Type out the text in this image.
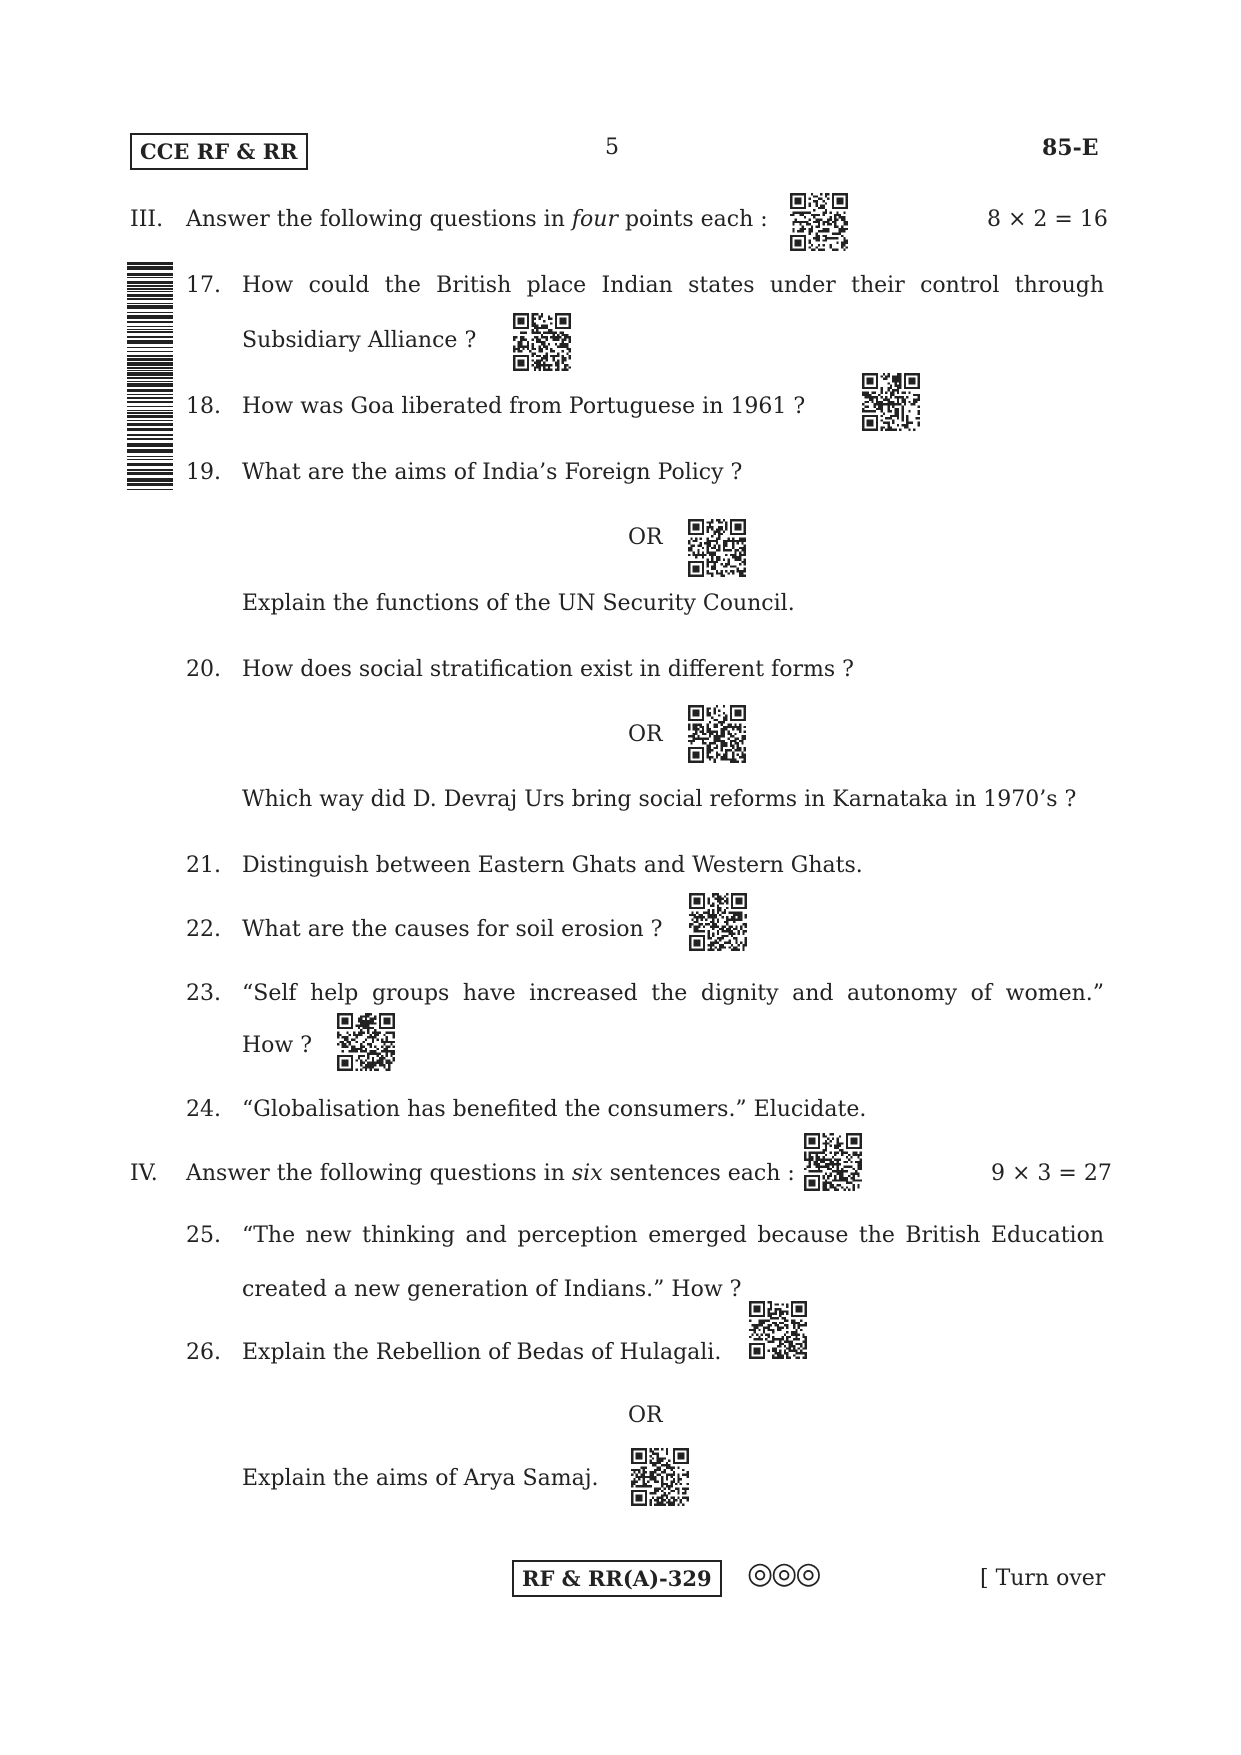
CCE RF & RR	5	85-E
III. Answer the following questions in four points each :	8 × 2 = 16
17. How could the British place Indian states under their control through
Subsidiary Alliance ?
18. How was Goa liberated from Portuguese in 1961 ?
19. What are the aims of India’s Foreign Policy ?
OR
Explain the functions of the UN Security Council.
20. How does social stratification exist in different forms ?
OR
Which way did D. Devraj Urs bring social reforms in Karnataka in 1970’s ?
21. Distinguish between Eastern Ghats and Western Ghats.
22. What are the causes for soil erosion ?
23. “Self help groups have increased the dignity and autonomy of women.”
How ?
24. “Globalisation has benefited the consumers.” Elucidate.
IV. Answer the following questions in six sentences each :	9 × 3 = 27
25. “The new thinking and perception emerged because the British Education
created a new generation of Indians.” How ?
26. Explain the Rebellion of Bedas of Hulagali.
OR
Explain the aims of Arya Samaj.
RF & RR(A)-329	◎◎◎	[ Turn over
